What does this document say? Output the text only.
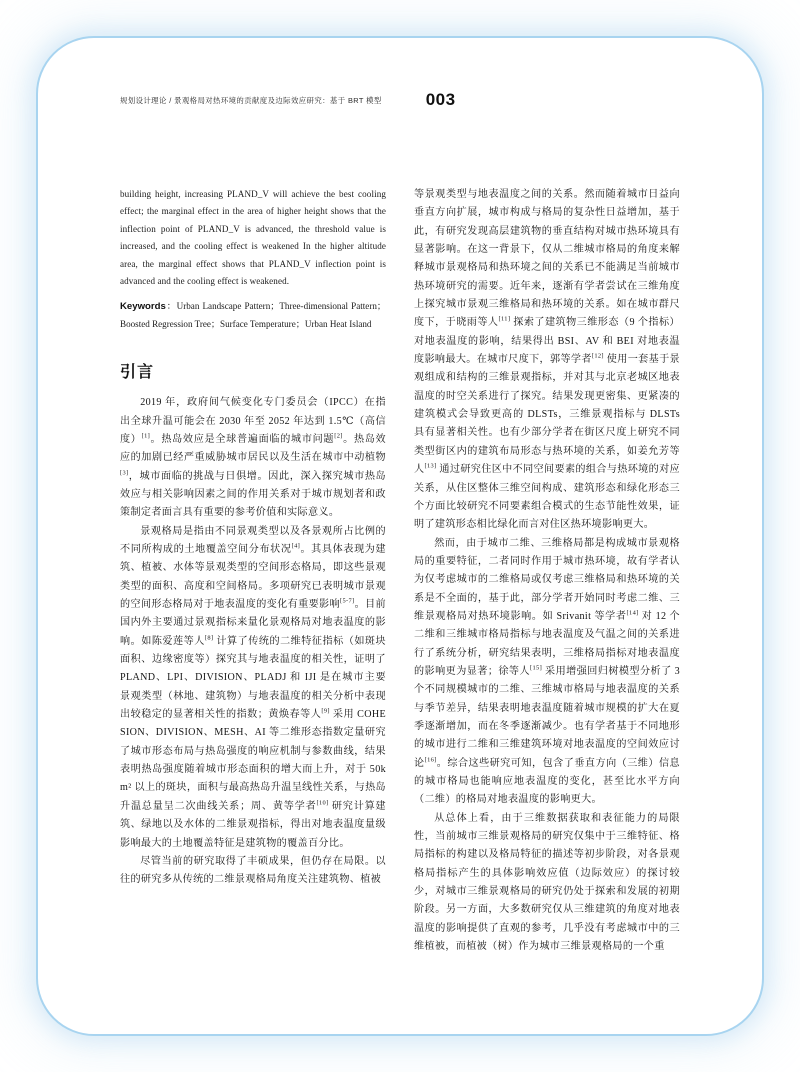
规划设计理论 / 景观格局对热环境的贡献度及边际效应研究：基于 BRT 模型	003

building height, increasing PLAND_V will achieve the best cooling effect; the marginal effect in the area of higher height shows that the inflection point of PLAND_V is advanced, the threshold value is increased, and the cooling effect is weakened In the higher altitude area, the marginal effect shows that PLAND_V inflection point is advanced and the cooling effect is weakened.

Keywords：Urban Landscape Pattern；Three-dimensional Pattern；Boosted Regression Tree；Surface Temperature；Urban Heat Island

引言

2019 年，政府间气候变化专门委员会（IPCC）在指出全球升温可能会在 2030 年至 2052 年达到 1.5℃（高信度）[1]。热岛效应是全球普遍面临的城市问题[2]。热岛效应的加剧已经严重威胁城市居民以及生活在城市中动植物[3]，城市面临的挑战与日俱增。因此，深入探究城市热岛效应与相关影响因素之间的作用关系对于城市规划者和政策制定者面言具有重要的参考价值和实际意义。

景观格局是指由不同景观类型以及各景观所占比例的不同所构成的土地覆盖空间分布状况[4]。其具体表现为建筑、植被、水体等景观类型的空间形态格局，即这些景观类型的面积、高度和空间格局。多项研究已表明城市景观的空间形态格局对于地表温度的变化有重要影响[5-7]。目前国内外主要通过景观指标来量化景观格局对地表温度的影响。如陈爱莲等人[8] 计算了传统的二维特征指标（如斑块面积、边缘密度等）探究其与地表温度的相关性，证明了 PLAND、LPI、DIVISION、PLADJ 和 IJI 是在城市主要景观类型（林地、建筑物）与地表温度的相关分析中表现出较稳定的显著相关性的指数；黄焕春等人[9] 采用 COHESION、DIVISION、MESH、AI 等二维形态指数定量研究了城市形态布局与热岛强度的响应机制与参数曲线，结果表明热岛强度随着城市形态面积的增大而上升，对于 50km² 以上的斑块，面积与最高热岛升温呈线性关系，与热岛升温总量呈二次曲线关系；周、黄等学者[10] 研究计算建筑、绿地以及水体的二维景观指标，得出对地表温度量级影响最大的土地覆盖特征是建筑物的覆盖百分比。

尽管当前的研究取得了丰硕成果，但仍存在局限。以往的研究多从传统的二维景观格局角度关注建筑物、植被

等景观类型与地表温度之间的关系。然而随着城市日益向垂直方向扩展，城市构成与格局的复杂性日益增加，基于此，有研究发现高层建筑物的垂直结构对城市热环境具有显著影响。在这一背景下，仅从二维城市格局的角度来解释城市景观格局和热环境之间的关系已不能满足当前城市热环境研究的需要。近年来，逐渐有学者尝试在三维角度上探究城市景观三维格局和热环境的关系。如在城市群尺度下，于晓雨等人[11] 探索了建筑物三维形态（9 个指标）对地表温度的影响，结果得出 BSI、AV 和 BEI 对地表温度影响最大。在城市尺度下，郭等学者[12] 使用一套基于景观组成和结构的三维景观指标，并对其与北京老城区地表温度的时空关系进行了探究。结果发现更密集、更紧凑的建筑模式会导致更高的 DLSTs，三维景观指标与 DLSTs 具有显著相关性。也有少部分学者在街区尺度上研究不同类型街区内的建筑布局形态与热环境的关系，如姜允芳等人[13] 通过研究住区中不同空间要素的组合与热环境的对应关系，从住区整体三维空间构成、建筑形态和绿化形态三个方面比较研究不同要素组合模式的生态节能性效果，证明了建筑形态相比绿化而言对住区热环境影响更大。

然而，由于城市二维、三维格局都是构成城市景观格局的重要特征，二者同时作用于城市热环境，故有学者认为仅考虑城市的二维格局或仅考虑三维格局和热环境的关系是不全面的，基于此，部分学者开始同时考虑二维、三维景观格局对热环境影响。如 Srivanit 等学者[14] 对 12 个二维和三维城市格局指标与地表温度及气温之间的关系进行了系统分析，研究结果表明，三维格局指标对地表温度的影响更为显著；徐等人[15] 采用增强回归树模型分析了 3 个不同规模城市的二维、三维城市格局与地表温度的关系与季节差异，结果表明地表温度随着城市规模的扩大在夏季逐渐增加，而在冬季逐渐减少。也有学者基于不同地形的城市进行二维和三维建筑环境对地表温度的空间效应讨论[16]。综合这些研究可知，包含了垂直方向（三维）信息的城市格局也能响应地表温度的变化，甚至比水平方向（二维）的格局对地表温度的影响更大。

从总体上看，由于三维数据获取和表征能力的局限性，当前城市三维景观格局的研究仅集中于三维特征、格局指标的构建以及格局特征的描述等初步阶段，对各景观格局指标产生的具体影响效应值（边际效应）的探讨较少，对城市三维景观格局的研究仍处于探索和发展的初期阶段。另一方面，大多数研究仅从三维建筑的角度对地表温度的影响提供了直观的参考，几乎没有考虑城市中的三维植被，而植被（树）作为城市三维景观格局的一个重
